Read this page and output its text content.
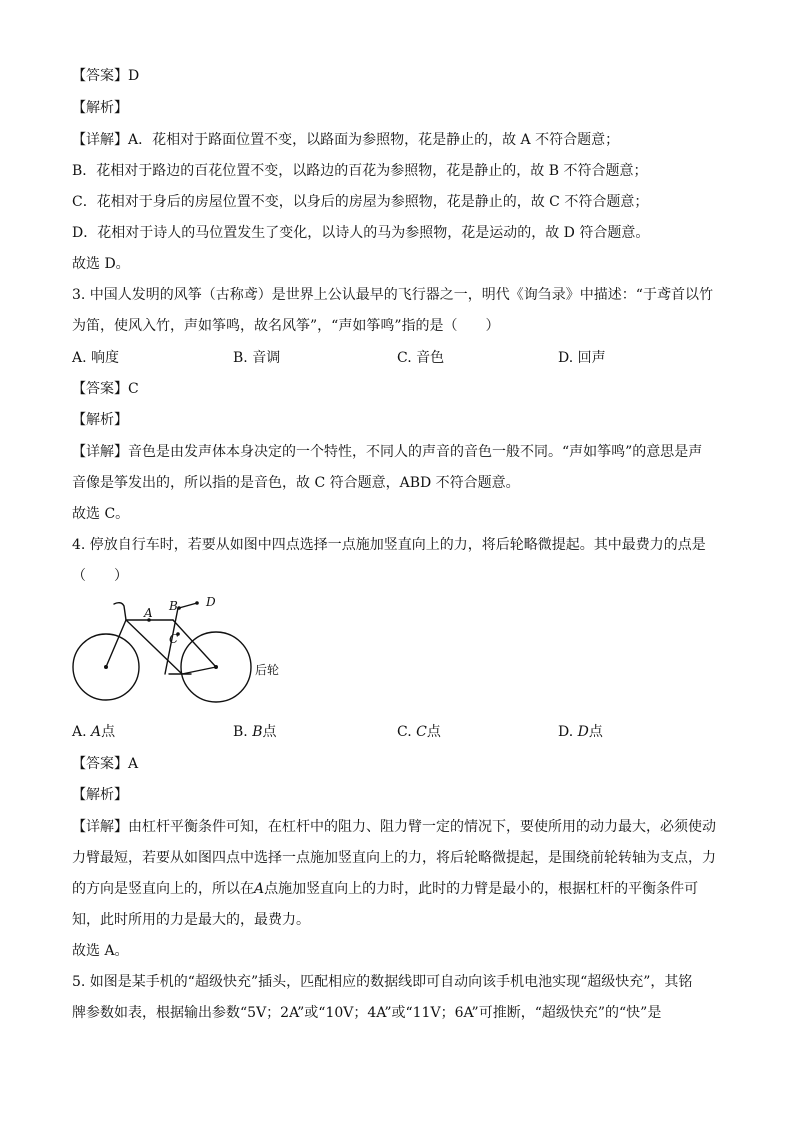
【答案】D
【解析】
【详解】A．花相对于路面位置不变，以路面为参照物，花是静止的，故 A 不符合题意；
B．花相对于路边的百花位置不变，以路边的百花为参照物，花是静止的，故 B 不符合题意；
C．花相对于身后的房屋位置不变，以身后的房屋为参照物，花是静止的，故 C 不符合题意；
D．花相对于诗人的马位置发生了变化，以诗人的马为参照物，花是运动的，故 D 符合题意。
故选 D。
3. 中国人发明的风筝（古称鸢）是世界上公认最早的飞行器之一，明代《询刍录》中描述：“于鸢首以竹
为笛，使风入竹，声如筝鸣，故名风筝”，“声如筝鸣”指的是（　　）
A. 响度	B. 音调	C. 音色	D. 回声
【答案】C
【解析】
【详解】音色是由发声体本身决定的一个特性，不同人的声音的音色一般不同。“声如筝鸣”的意思是声
音像是筝发出的，所以指的是音色，故 C 符合题意，ABD 不符合题意。
故选 C。
4. 停放自行车时，若要从如图中四点选择一点施加竖直向上的力，将后轮略微提起。其中最费力的点是
（　　）
A B
C
D
后轮
A. A点	B. B点	C. C点	D. D点
【答案】A
【解析】
【详解】由杠杆平衡条件可知，在杠杆中的阻力、阻力臂一定的情况下，要使所用的动力最大，必须使动
力臂最短，若要从如图四点中选择一点施加竖直向上的力，将后轮略微提起，是围绕前轮转轴为支点，力
的方向是竖直向上的，所以在A点施加竖直向上的力时，此时的力臂是最小的，根据杠杆的平衡条件可
知，此时所用的力是最大的，最费力。
故选 A。
5. 如图是某手机的“超级快充”插头，匹配相应的数据线即可自动向该手机电池实现“超级快充”，其铭
牌参数如表，根据输出参数“5V；2A”或“10V；4A”或“11V；6A”可推断，“超级快充”的“快”是
